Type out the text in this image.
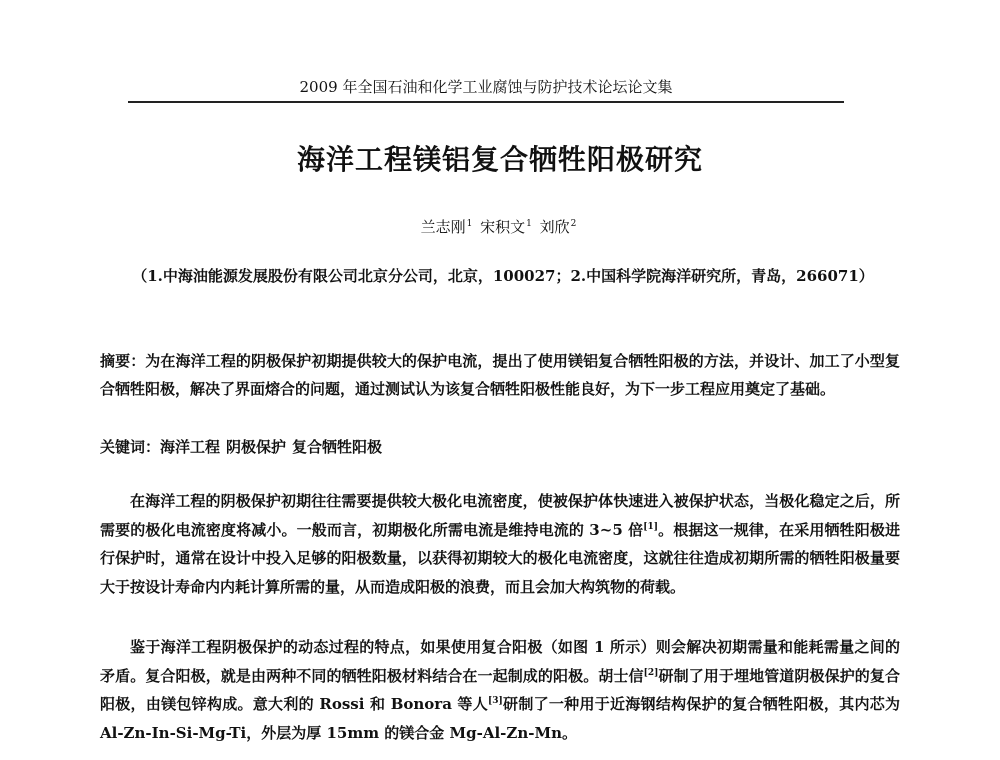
2009 年全国石油和化学工业腐蚀与防护技术论坛论文集
海洋工程镁铝复合牺牲阳极研究
兰志刚$^1$ 宋积文$^1$ 刘欣$^2$
（1.中海油能源发展股份有限公司北京分公司，北京，100027；2.中国科学院海洋研究所，青岛，266071）
摘要：为在海洋工程的阴极保护初期提供较大的保护电流，提出了使用镁铝复合牺牲阳极的方法，并设计、加工了小型复合牺牲阳极，解决了界面熔合的问题，通过测试认为该复合牺牲阳极性能良好，为下一步工程应用奠定了基础。
关键词：海洋工程 阴极保护 复合牺牲阳极
在海洋工程的阴极保护初期往往需要提供较大极化电流密度，使被保护体快速进入被保护状态，当极化稳定之后，所需要的极化电流密度将减小。一般而言，初期极化所需电流是维持电流的 3~5 倍[1]。根据这一规律，在采用牺牲阳极进行保护时，通常在设计中投入足够的阳极数量，以获得初期较大的极化电流密度，这就往往造成初期所需的牺牲阳极量要大于按设计寿命内内耗计算所需的量，从而造成阳极的浪费，而且会加大构筑物的荷载。
鉴于海洋工程阴极保护的动态过程的特点，如果使用复合阳极（如图 1 所示）则会解决初期需量和能耗需量之间的矛盾。复合阳极，就是由两种不同的牺牲阳极材料结合在一起制成的阳极。胡士信[2]研制了用于埋地管道阴极保护的复合阳极，由镁包锌构成。意大利的 Rossi 和 Bonora 等人[3]研制了一种用于近海钢结构保护的复合牺牲阳极，其内芯为 Al-Zn-In-Si-Mg-Ti，外层为厚 15mm 的镁合金 Mg-Al-Zn-Mn。
